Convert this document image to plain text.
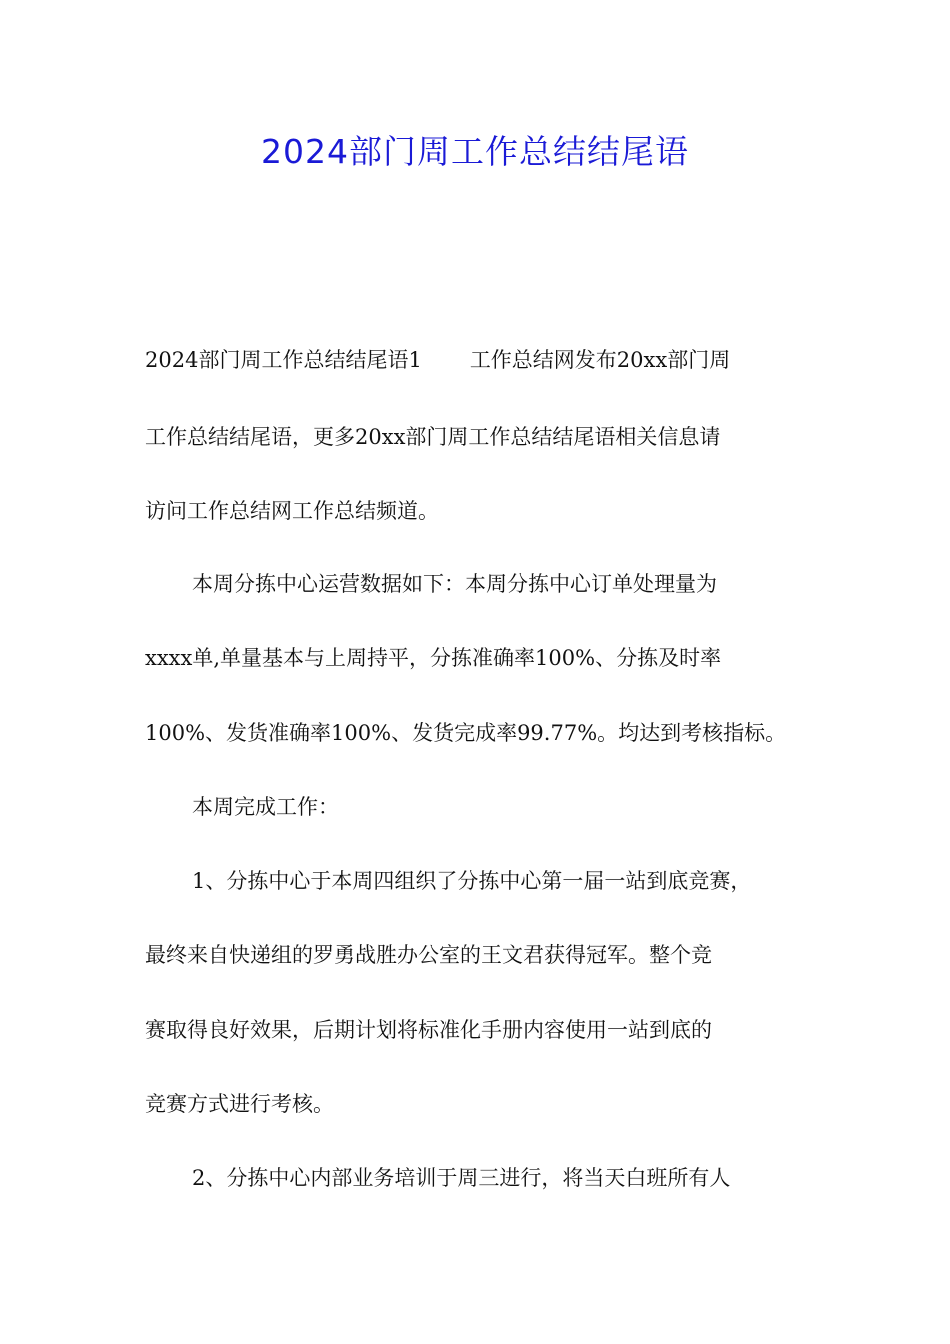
2024部门周工作总结结尾语
2024部门周工作总结结尾语1 工作总结网发布20xx部门周
工作总结结尾语，更多20xx部门周工作总结结尾语相关信息请
访问工作总结网工作总结频道。
本周分拣中心运营数据如下：本周分拣中心订单处理量为
xxxx单,单量基本与上周持平，分拣准确率100%、分拣及时率
100%、发货准确率100%、发货完成率99.77%。均达到考核指标。
本周完成工作：
1、分拣中心于本周四组织了分拣中心第一届一站到底竞赛，
最终来自快递组的罗勇战胜办公室的王文君获得冠军。整个竞
赛取得良好效果，后期计划将标准化手册内容使用一站到底的
竞赛方式进行考核。
2、分拣中心内部业务培训于周三进行，将当天白班所有人
